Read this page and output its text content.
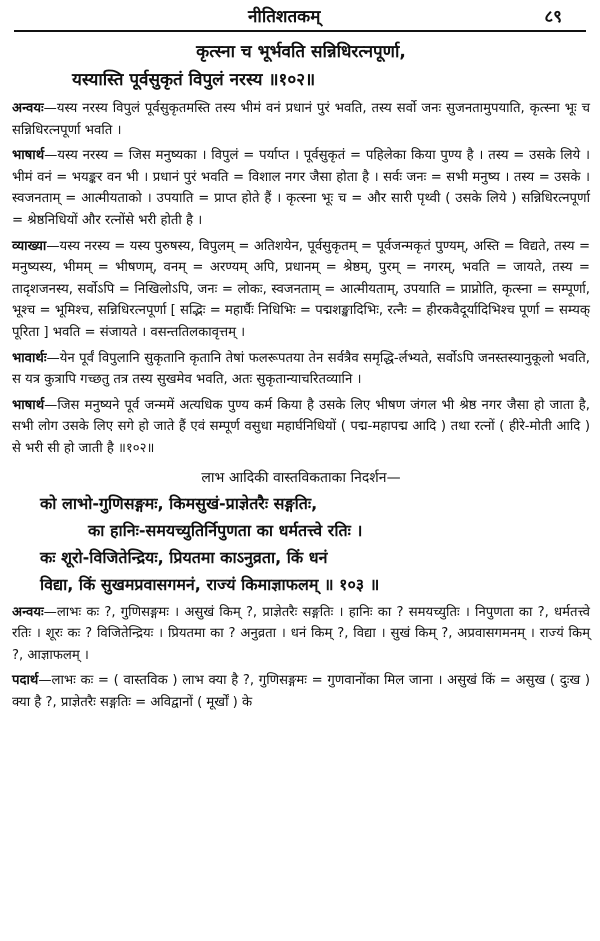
नीतिशतकम्	८९

कृत्स्ना च भूर्भवति सन्निधिरत्नपूर्णा,

यस्यास्ति पूर्वसुकृतं विपुलं नरस्य ॥१०२॥

अन्वयः—यस्य नरस्य विपुलं पूर्वसुकृतमस्ति तस्य भीमं वनं प्रधानं पुरं भवति, तस्य सर्वो जनः सुजनतामुपयाति, कृत्स्ना भूः च सन्निधिरत्नपूर्णा भवति ।

भाषार्थ—यस्य नरस्य = जिस मनुष्यका । विपुलं = पर्याप्त । पूर्वसुकृतं = पहिलेका किया पुण्य है । तस्य = उसके लिये । भीमं वनं = भयङ्कर वन भी । प्रधानं पुरं भवति = विशाल नगर जैसा होता है । सर्वः जनः = सभी मनुष्य । तस्य = उसके । स्वजनताम् = आत्मीयताको । उपयाति = प्राप्त होते हैं । कृत्स्ना भूः च = और सारी पृथ्वी ( उसके लिये ) सन्निधिरत्नपूर्णा = श्रेष्ठनिधियों और रत्नोंसे भरी होती है ।

व्याख्या—यस्य नरस्य = यस्य पुरुषस्य, विपुलम् = अतिशयेन, पूर्वसुकृतम् = पूर्वजन्मकृतं पुण्यम्, अस्ति = विद्यते, तस्य = मनुष्यस्य, भीमम् = भीषणम्, वनम् = अरण्यम् अपि, प्रधानम् = श्रेष्ठम्, पुरम् = नगरम्, भवति = जायते, तस्य = तादृशजनस्य, सर्वोऽपि = निखिलोऽपि, जनः = लोकः, स्वजनताम् = आत्मीयताम्, उपयाति = प्राप्नोति, कृत्स्ना = सम्पूर्णा, भूश्च = भूमिश्च, सन्निधिरत्नपूर्णा [ सद्भिः = महार्घैः निधिभिः = पद्मशङ्खादिभिः, रत्नैः = हीरकवैदूर्यादिभिश्च पूर्णा = सम्यक् पूरिता ] भवति = संजायते । वसन्ततिलकावृत्तम् ।

भावार्थः—येन पूर्वं विपुलानि सुकृतानि कृतानि तेषां फलरूपतया तेन सर्वत्रैव समृद्धि-र्लभ्यते, सर्वोऽपि जनस्तस्यानुकूलो भवति, स यत्र कुत्रापि गच्छतु तत्र तस्य सुखमेव भवति, अतः सुकृतान्याचरितव्यानि ।

भाषार्थ—जिस मनुष्यने पूर्व जन्ममें अत्यधिक पुण्य कर्म किया है उसके लिए भीषण जंगल भी श्रेष्ठ नगर जैसा हो जाता है, सभी लोग उसके लिए सगे हो जाते हैं एवं सम्पूर्ण वसुधा महार्घनिधियों ( पद्म-महापद्म आदि ) तथा रत्नों ( हीरे-मोती आदि ) से भरी सी हो जाती है ॥१०२॥

लाभ आदिकी वास्तविकताका निदर्शन—

को लाभो-गुणिसङ्गमः, किमसुखं-प्राज्ञेतरैः सङ्गतिः,

का हानिः-समयच्युतिर्निपुणता का धर्मतत्त्वे रतिः ।

कः शूरो-विजितेन्द्रियः, प्रियतमा काऽनुव्रता, किं धनं

विद्या, किं सुखमप्रवासगमनं, राज्यं किमाज्ञाफलम् ॥ १०३ ॥

अन्वयः—लाभः कः ?, गुणिसङ्गमः । असुखं किम् ?, प्राज्ञेतरैः सङ्गतिः । हानिः का ? समयच्युतिः । निपुणता का ?, धर्मतत्त्वे रतिः । शूरः कः ? विजितेन्द्रियः । प्रियतमा का ? अनुव्रता । धनं किम् ?, विद्या । सुखं किम् ?, अप्रवासगमनम् । राज्यं किम् ?, आज्ञाफलम् ।

पदार्थ—लाभः कः = ( वास्तविक ) लाभ क्या है ?, गुणिसङ्गमः = गुणवानोंका मिल जाना । असुखं किं = असुख ( दुःख ) क्या है ?, प्राज्ञेतरैः सङ्गतिः = अविद्वानों ( मूर्खों ) के
